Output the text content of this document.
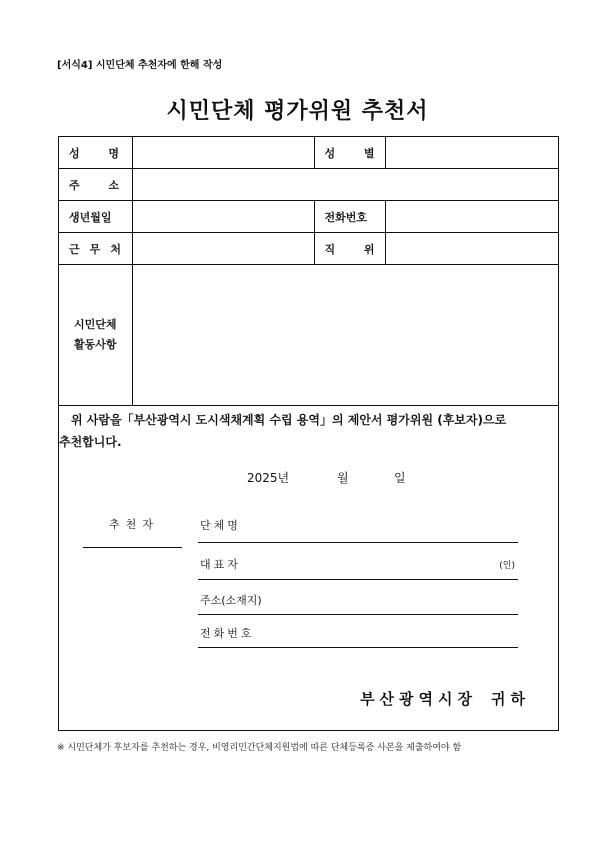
[서식4] 시민단체 추천자에 한해 작성
시민단체 평가위원 추천서
성 명		성 별	

주 소			

생년월일		전화번호	

근 무 처		직 위	

시민단체
활동사항			

위 사람을「부산광역시 도시색채계획 수립 용역」의 제안서 평가위원 (후보자)으로
추천합니다.
2025년	월	일
추천자	단체명
대표자	(인)
주소(소재지)
전화번호
부산광역시장 귀하
※ 시민단체가 후보자를 추천하는 경우, 비영리민간단체지원법에 따른 단체등록증 사본을 제출하여야 함
